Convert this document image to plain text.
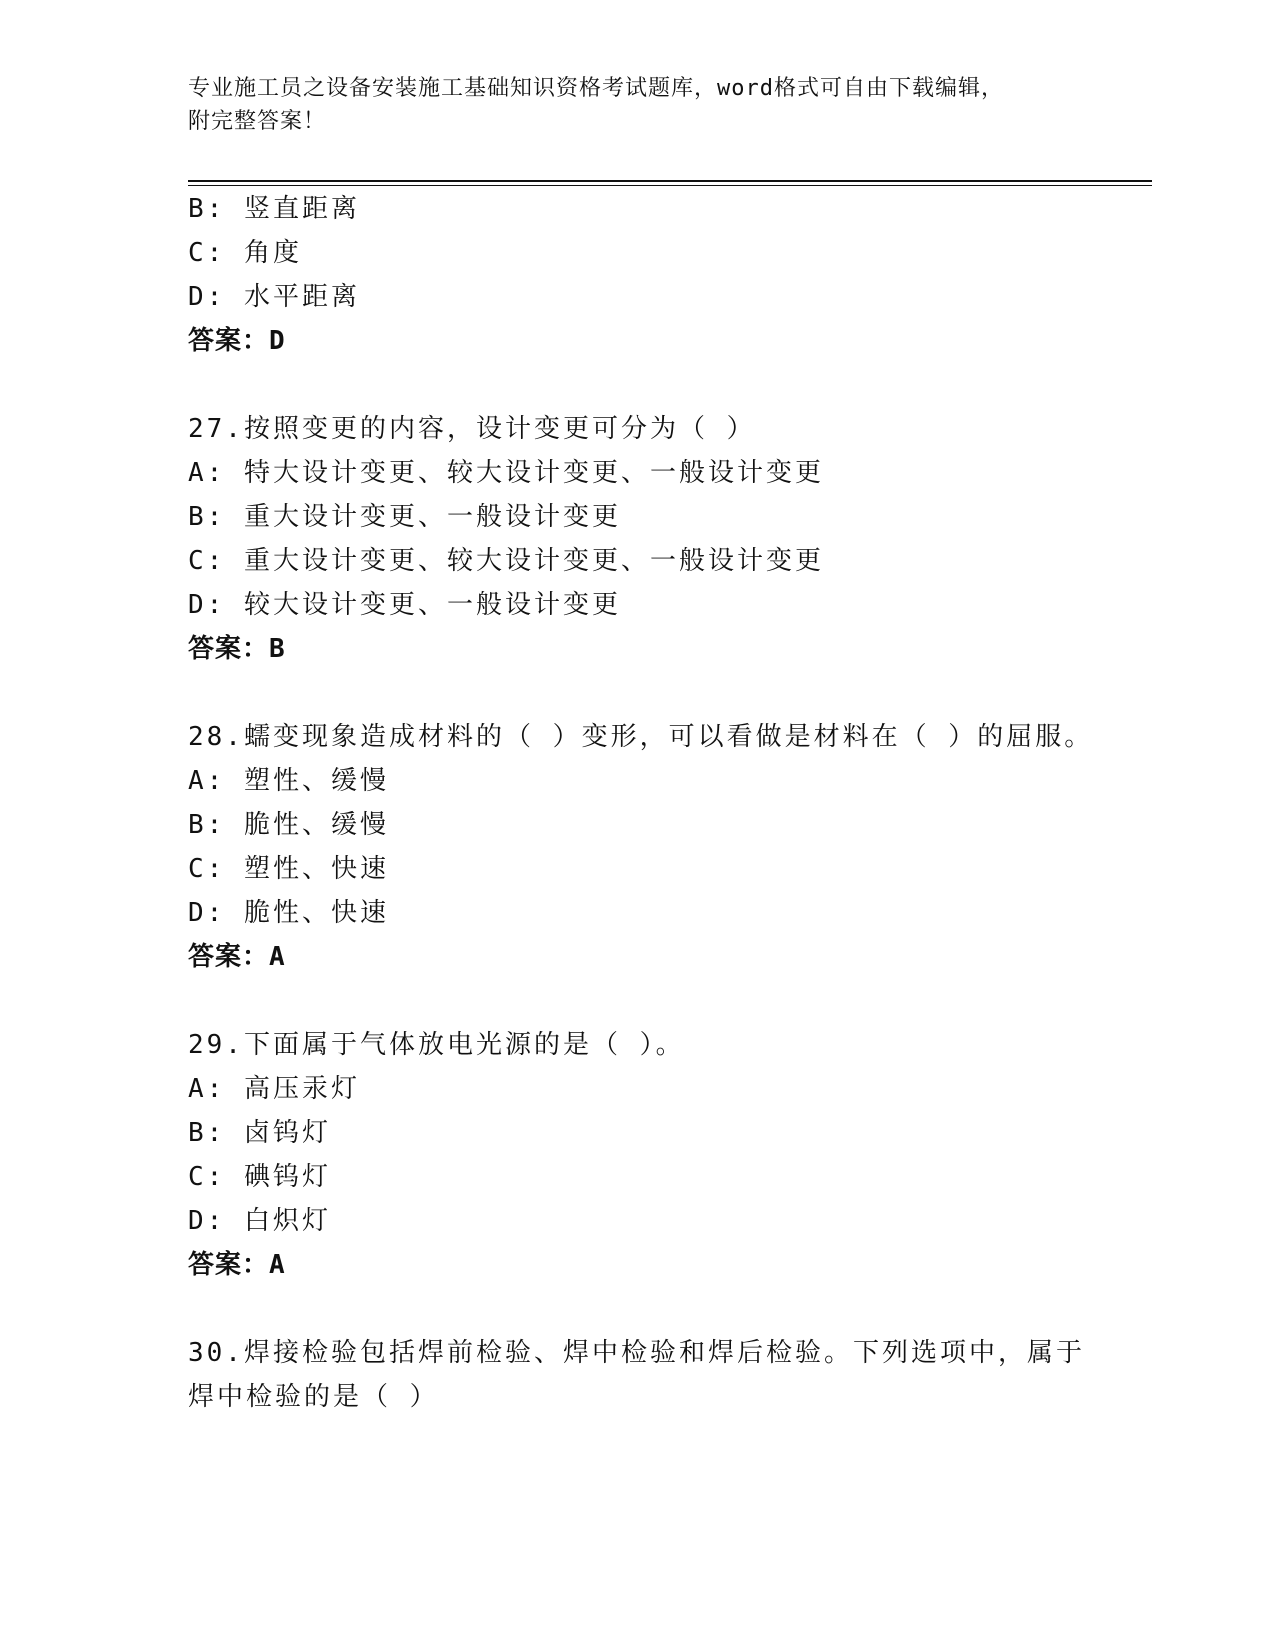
专业施工员之设备安装施工基础知识资格考试题库，word格式可自由下载编辑，
附完整答案！
B: 竖直距离
C: 角度
D: 水平距离
答案：D
27.按照变更的内容，设计变更可分为（ ）
A: 特大设计变更、较大设计变更、一般设计变更
B: 重大设计变更、一般设计变更
C: 重大设计变更、较大设计变更、一般设计变更
D: 较大设计变更、一般设计变更
答案：B
28.蠕变现象造成材料的（ ）变形，可以看做是材料在（ ）的屈服。
A: 塑性、缓慢
B: 脆性、缓慢
C: 塑性、快速
D: 脆性、快速
答案：A
29.下面属于气体放电光源的是（ ）。
A: 高压汞灯
B: 卤钨灯
C: 碘钨灯
D: 白炽灯
答案：A
30.焊接检验包括焊前检验、焊中检验和焊后检验。下列选项中，属于
焊中检验的是（ ）
